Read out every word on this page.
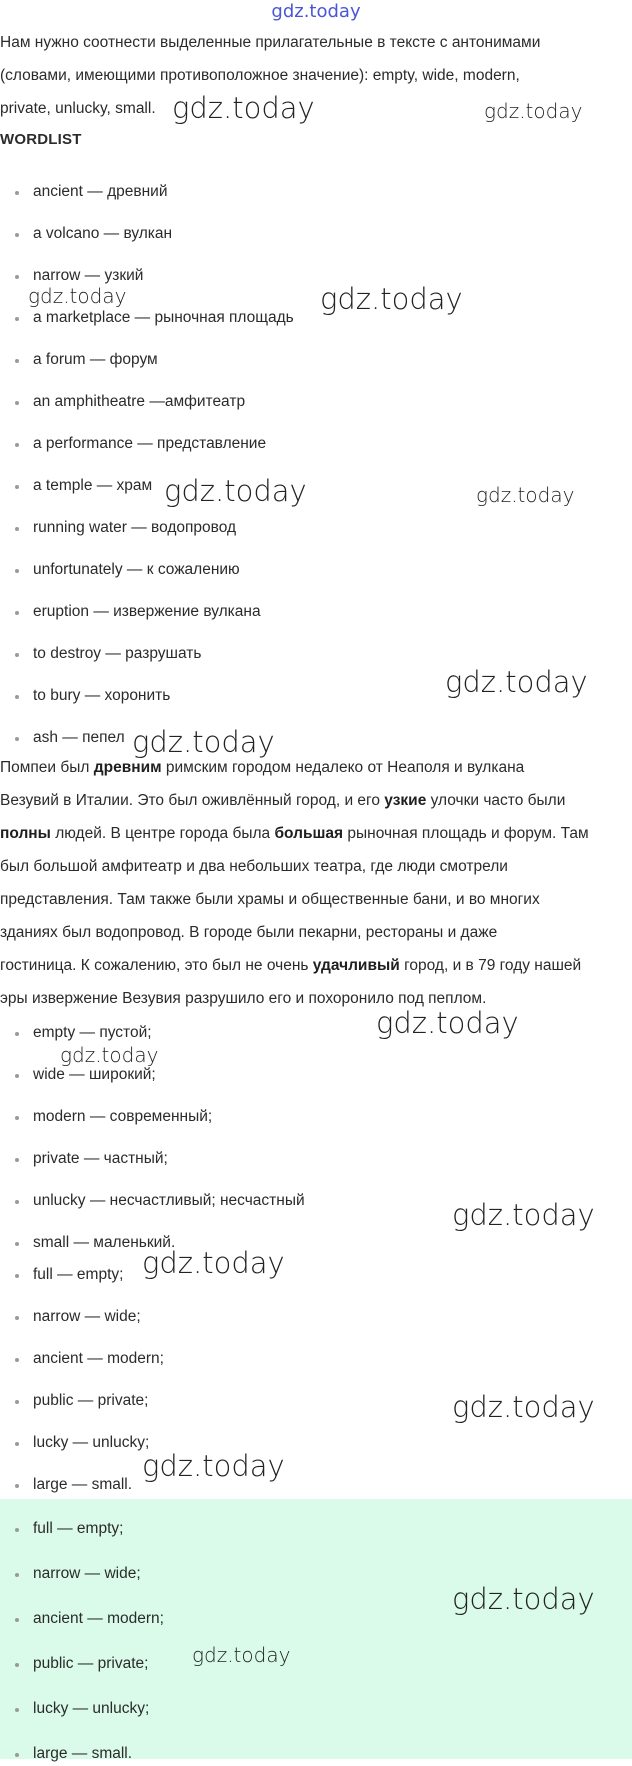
gdz.today

Нам нужно соотнести выделенные прилагательные в тексте с антонимами
(словами, имеющими противоположное значение): empty, wide, modern,
private, unlucky, small.

WORDLIST
ancient — древний
a volcano — вулкан
narrow — узкий
a marketplace — рыночная площадь
a forum — форум
an amphitheatre —амфитеатр
a performance — представление
a temple — храм
running water — водопровод
unfortunately — к сожалению
eruption — извержение вулкана
to destroy — разрушать
to bury — хоронить
ash — пепел

Помпеи был древним римским городом недалеко от Неаполя и вулкана
Везувий в Италии. Это был оживлённый город, и его узкие улочки часто были
полны людей. В центре города была большая рыночная площадь и форум. Там
был большой амфитеатр и два небольших театра, где люди смотрели
представления. Там также были храмы и общественные бани, и во многих
зданиях был водопровод. В городе были пекарни, рестораны и даже
гостиница. К сожалению, это был не очень удачливый город, и в 79 году нашей
эры извержение Везувия разрушило его и похоронило под пеплом.

empty — пустой;
wide — широкий;
modern — современный;
private — частный;
unlucky — несчастливый; несчастный
small — маленький.
full — empty;
narrow — wide;
ancient — modern;
public — private;
lucky — unlucky;
large — small.
full — empty;
narrow — wide;
ancient — modern;
public — private;
lucky — unlucky;
large — small.
gdz.today	gdz.today
gdz.today	gdz.today
gdz.today	gdz.today
gdz.today
gdz.today
gdz.today
gdz.today
gdz.today
gdz.today
gdz.today
gdz.today
gdz.today
gdz.today
